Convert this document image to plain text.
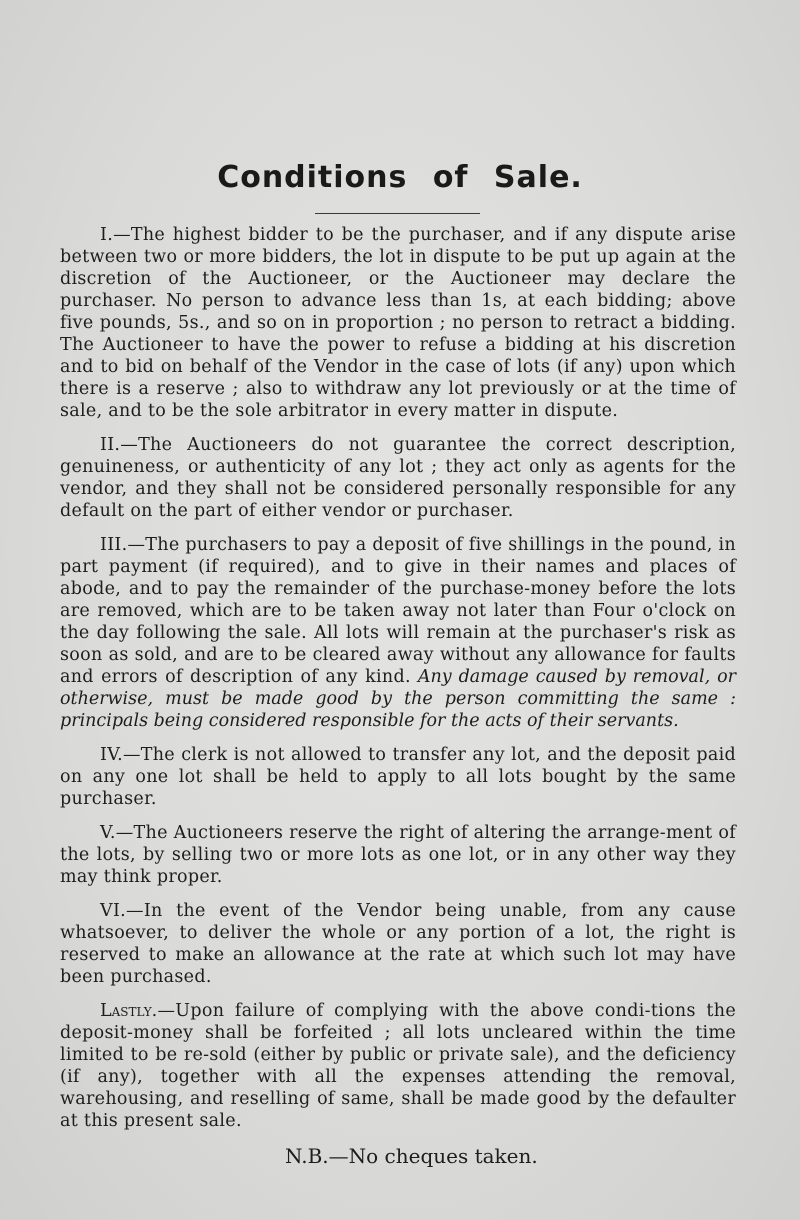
Conditions of Sale.

I.—The highest bidder to be the purchaser, and if any dispute arise between two or more bidders, the lot in dispute to be put up again at the discretion of the Auctioneer, or the Auctioneer may declare the purchaser. No person to advance less than 1s, at each bidding; above five pounds, 5s., and so on in proportion ; no person to retract a bidding. The Auctioneer to have the power to refuse a bidding at his discretion and to bid on behalf of the Vendor in the case of lots (if any) upon which there is a reserve ; also to withdraw any lot previously or at the time of sale, and to be the sole arbitrator in every matter in dispute.

II.—The Auctioneers do not guarantee the correct description, genuineness, or authenticity of any lot ; they act only as agents for the vendor, and they shall not be considered personally responsible for any default on the part of either vendor or purchaser.

III.—The purchasers to pay a deposit of five shillings in the pound, in part payment (if required), and to give in their names and places of abode, and to pay the remainder of the purchase-money before the lots are removed, which are to be taken away not later than Four o'clock on the day following the sale. All lots will remain at the purchaser's risk as soon as sold, and are to be cleared away without any allowance for faults and errors of description of any kind. Any damage caused by removal, or otherwise, must be made good by the person committing the same : principals being considered responsible for the acts of their servants.

IV.—The clerk is not allowed to transfer any lot, and the deposit paid on any one lot shall be held to apply to all lots bought by the same purchaser.

V.—The Auctioneers reserve the right of altering the arrange-ment of the lots, by selling two or more lots as one lot, or in any other way they may think proper.

VI.—In the event of the Vendor being unable, from any cause whatsoever, to deliver the whole or any portion of a lot, the right is reserved to make an allowance at the rate at which such lot may have been purchased.

Lastly.—Upon failure of complying with the above condi-tions the deposit-money shall be forfeited ; all lots uncleared within the time limited to be re-sold (either by public or private sale), and the deficiency (if any), together with all the expenses attending the removal, warehousing, and reselling of same, shall be made good by the defaulter at this present sale.

N.B.—No cheques taken.
